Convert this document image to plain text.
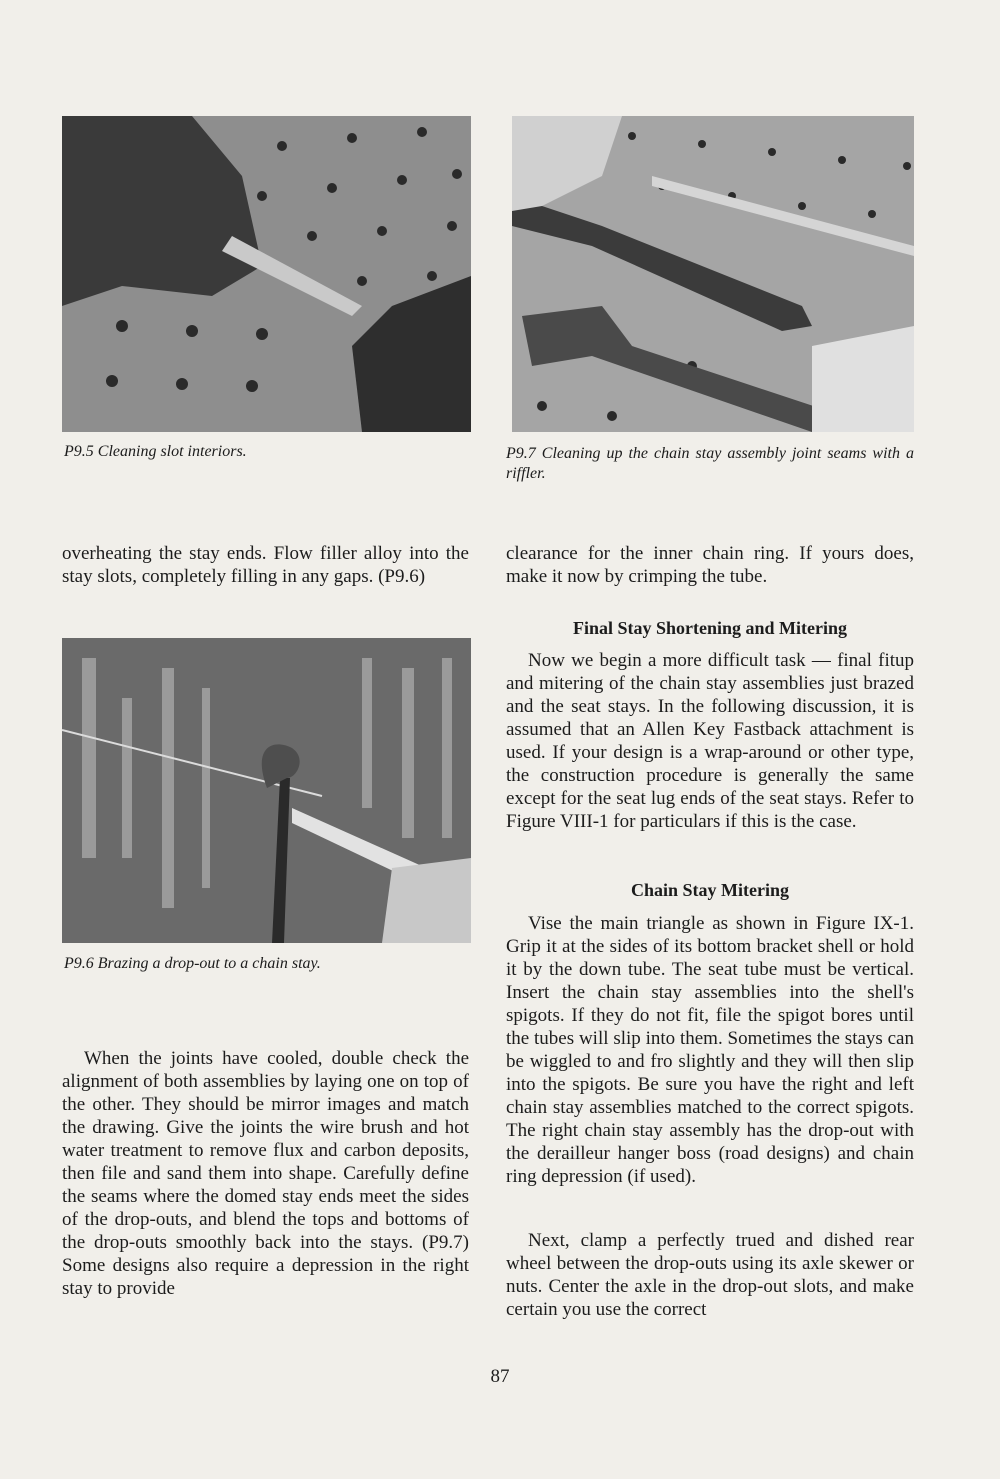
P9.5 Cleaning slot interiors.	P9.7 Cleaning up the chain stay assembly joint seams with a riffler.

overheating the stay ends. Flow filler alloy into the stay slots, completely filling in any gaps. (P9.6)

P9.6 Brazing a drop-out to a chain stay.

When the joints have cooled, double check the alignment of both assemblies by laying one on top of the other. They should be mirror images and match the drawing. Give the joints the wire brush and hot water treatment to remove flux and carbon deposits, then file and sand them into shape. Carefully define the seams where the domed stay ends meet the sides of the drop-outs, and blend the tops and bottoms of the drop-outs smoothly back into the stays. (P9.7) Some designs also require a depression in the right stay to provide

clearance for the inner chain ring. If yours does, make it now by crimping the tube.

Final Stay Shortening and Mitering

Now we begin a more difficult task — final fitup and mitering of the chain stay assemblies just brazed and the seat stays. In the following discussion, it is assumed that an Allen Key Fastback attachment is used. If your design is a wrap-around or other type, the construction procedure is generally the same except for the seat lug ends of the seat stays. Refer to Figure VIII-1 for particulars if this is the case.

Chain Stay Mitering

Vise the main triangle as shown in Figure IX-1. Grip it at the sides of its bottom bracket shell or hold it by the down tube. The seat tube must be vertical. Insert the chain stay assemblies into the shell's spigots. If they do not fit, file the spigot bores until the tubes will slip into them. Sometimes the stays can be wiggled to and fro slightly and they will then slip into the spigots. Be sure you have the right and left chain stay assemblies matched to the correct spigots. The right chain stay assembly has the drop-out with the derailleur hanger boss (road designs) and chain ring depression (if used).

Next, clamp a perfectly trued and dished rear wheel between the drop-outs using its axle skewer or nuts. Center the axle in the drop-out slots, and make certain you use the correct

87
